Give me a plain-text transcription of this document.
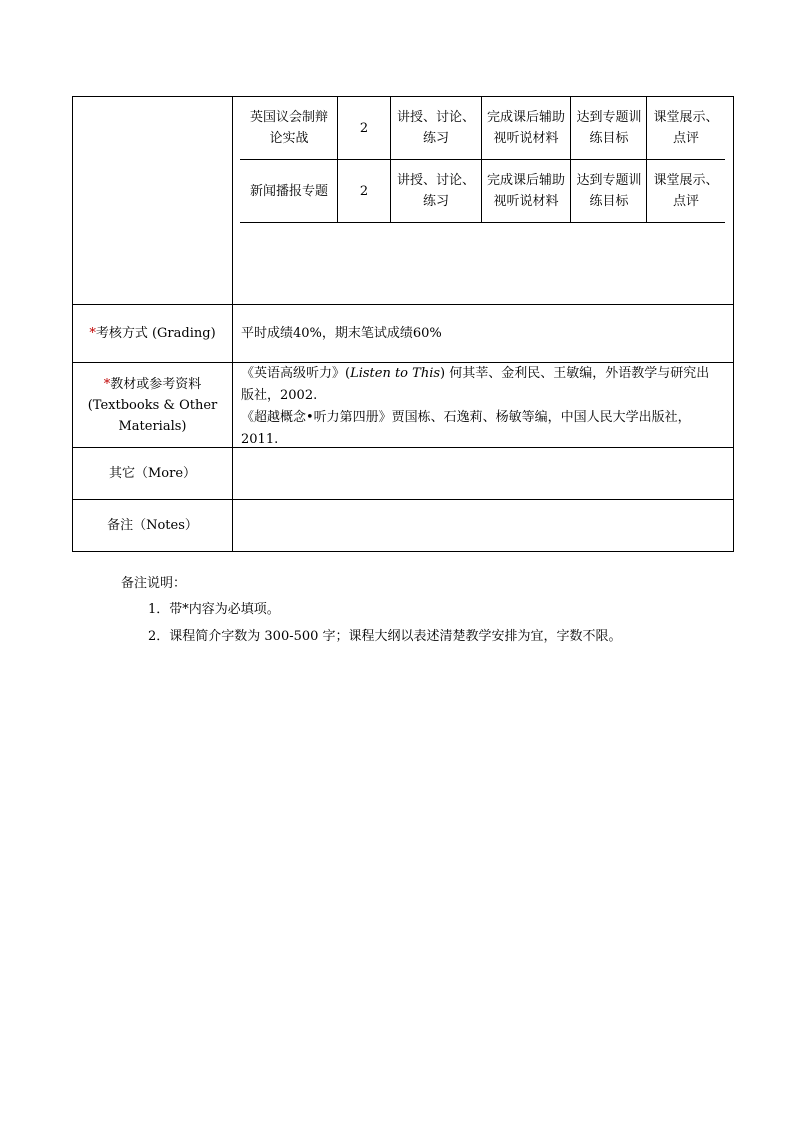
英国议会制辩论实战
2
讲授、讨论、练习
完成课后辅助视听说材料
达到专题训练目标
课堂展示、点评
新闻播报专题 2
讲授、讨论、练习
完成课后辅助视听说材料
达到专题训练目标
课堂展示、点评
*考核方式 (Grading) 平时成绩40%，期末笔试成绩60%
*教材或参考资料
(Textbooks & Other
Materials)
《英语高级听力》(Listen to This) 何其莘、金利民、王敏编，外语教学与研究出
版社，2002.
《超越概念•听力第四册》贾国栋、石逸莉、杨敏等编，中国人民大学出版社，
2011.
其它（More）
备注（Notes）
备注说明：
1．带*内容为必填项。
2．课程简介字数为 300-500 字；课程大纲以表述清楚教学安排为宜，字数不限。
